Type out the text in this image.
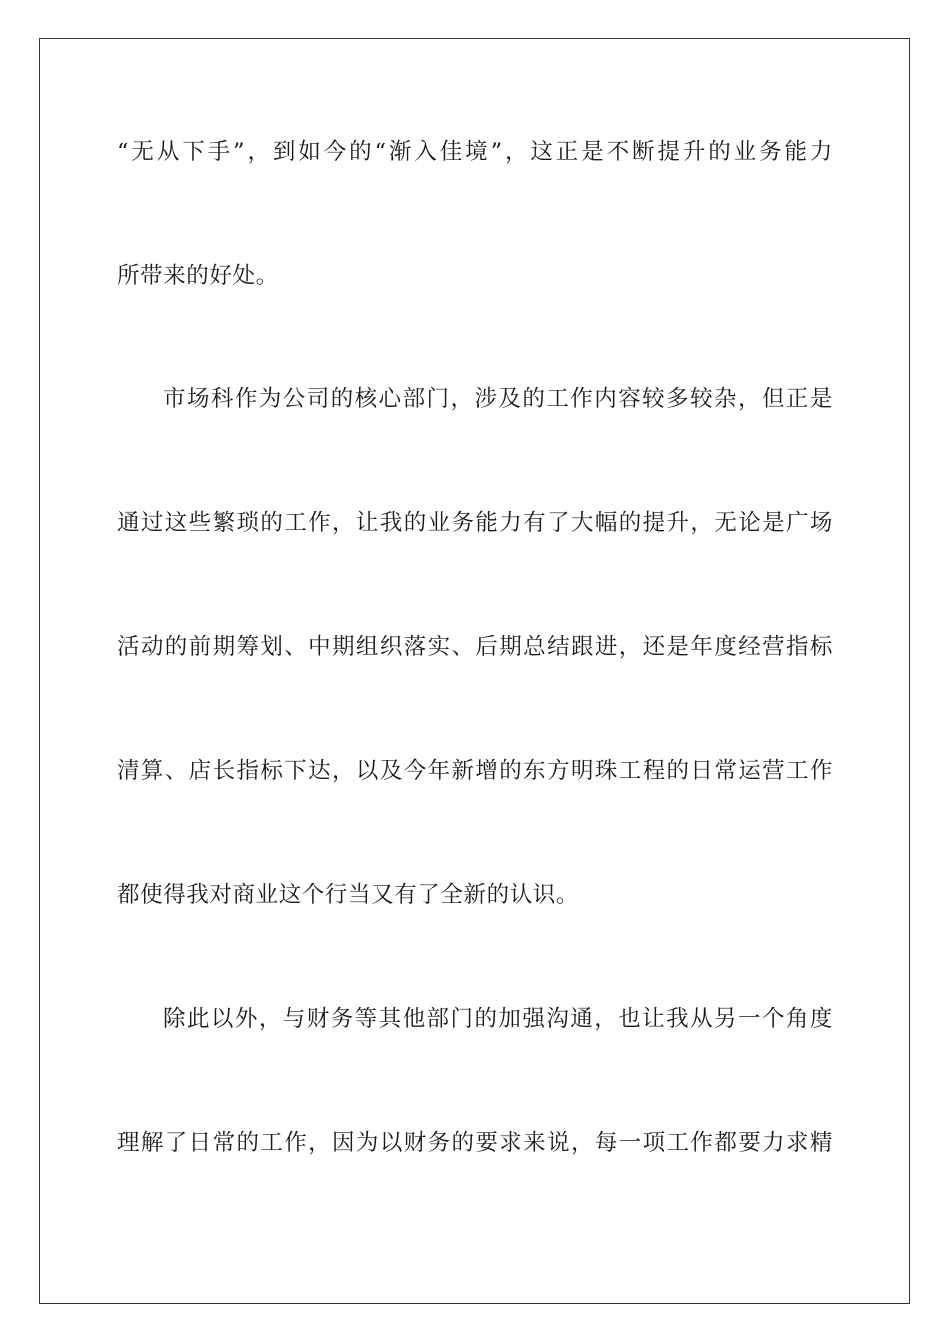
“无从下手”，到如今的“渐入佳境”，这正是不断提升的业务能力
所带来的好处。
市场科作为公司的核心部门，涉及的工作内容较多较杂，但正是
通过这些繁琐的工作，让我的业务能力有了大幅的提升，无论是广场
活动的前期筹划、中期组织落实、后期总结跟进，还是年度经营指标
清算、店长指标下达，以及今年新增的东方明珠工程的日常运营工作
都使得我对商业这个行当又有了全新的认识。
除此以外，与财务等其他部门的加强沟通，也让我从另一个角度
理解了日常的工作，因为以财务的要求来说，每一项工作都要力求精
